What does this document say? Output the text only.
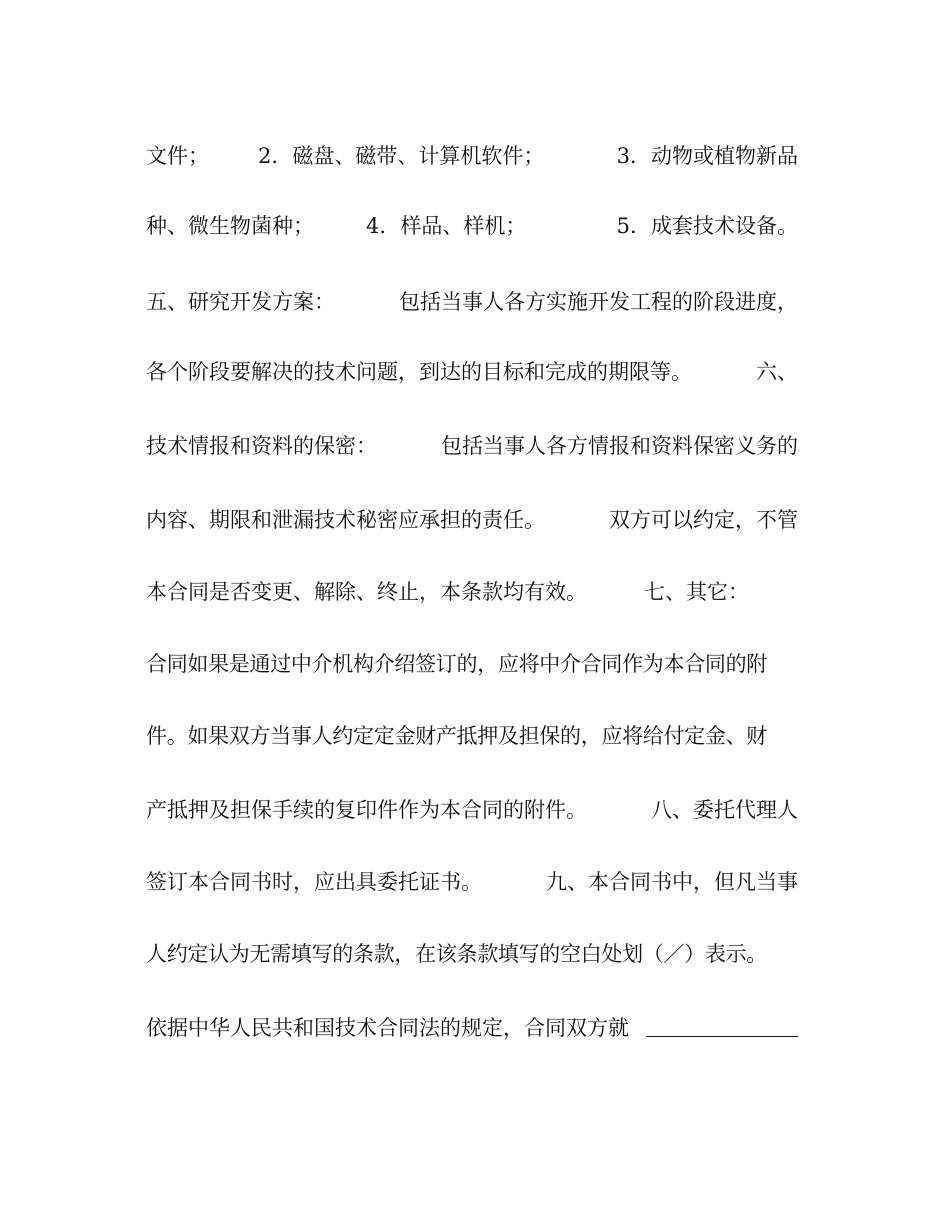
文件； 2．磁盘、磁带、计算机软件；	3．动物或植物新品
种、微生物菌种； 4．样品、样机；	5．成套技术设备。
五、研究开发方案：	包括当事人各方实施开发工程的阶段进度，
各个阶段要解决的技术问题，到达的目标和完成的期限等。	六、
技术情报和资料的保密：	包括当事人各方情报和资料保密义务的
内容、期限和泄漏技术秘密应承担的责任。	双方可以约定，不管
本合同是否变更、解除、终止，本条款均有效。	七、其它：
合同如果是通过中介机构介绍签订的，应将中介合同作为本合同的附
件。如果双方当事人约定定金财产抵押及担保的，应将给付定金、财
产抵押及担保手续的复印件作为本合同的附件。	八、委托代理人
签订本合同书时，应出具委托证书。	九、本合同书中，但凡当事
人约定认为无需填写的条款，在该条款填写的空白处划（／）表示。
依据中华人民共和国技术合同法的规定，合同双方就
